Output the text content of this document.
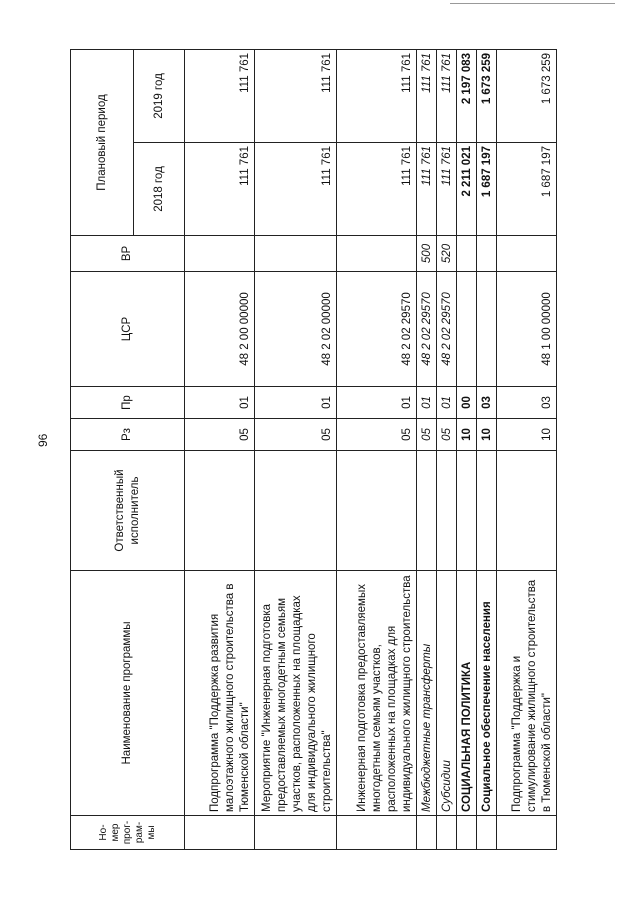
96
Но-мер прог-рам-мы	Наименование программы	Ответственный исполнитель	Рз	Пр	ЦСР	ВР	Плановый период	
							2018 год	2019 год
	Подпрограмма "Поддержка развития малоэтажного жилищного строительства в Тюменской области"		05	01	48 2 00 00000		111 761	111 761
	Мероприятие "Инженерная подготовка предоставляемых многодетным семьям участков, расположенных на площадках для индивидуального жилищного строительства"		05	01	48 2 02 00000		111 761	111 761
	Инженерная подготовка предоставляемых многодетным семьям участков, расположенных на площадках для индивидуального жилищного строительства		05	01	48 2 02 29570		111 761	111 761
	Межбюджетные трансферты		05	01	48 2 02 29570	500	111 761	111 761
	Субсидии		05	01	48 2 02 29570	520	111 761	111 761
	СОЦИАЛЬНАЯ ПОЛИТИКА		10	00			2 211 021	2 197 083
	Социальное обеспечение населения		10	03			1 687 197	1 673 259
	Подпрограмма "Поддержка и стимулирование жилищного строительства в Тюменской области"		10	03	48 1 00 00000		1 687 197	1 673 259
